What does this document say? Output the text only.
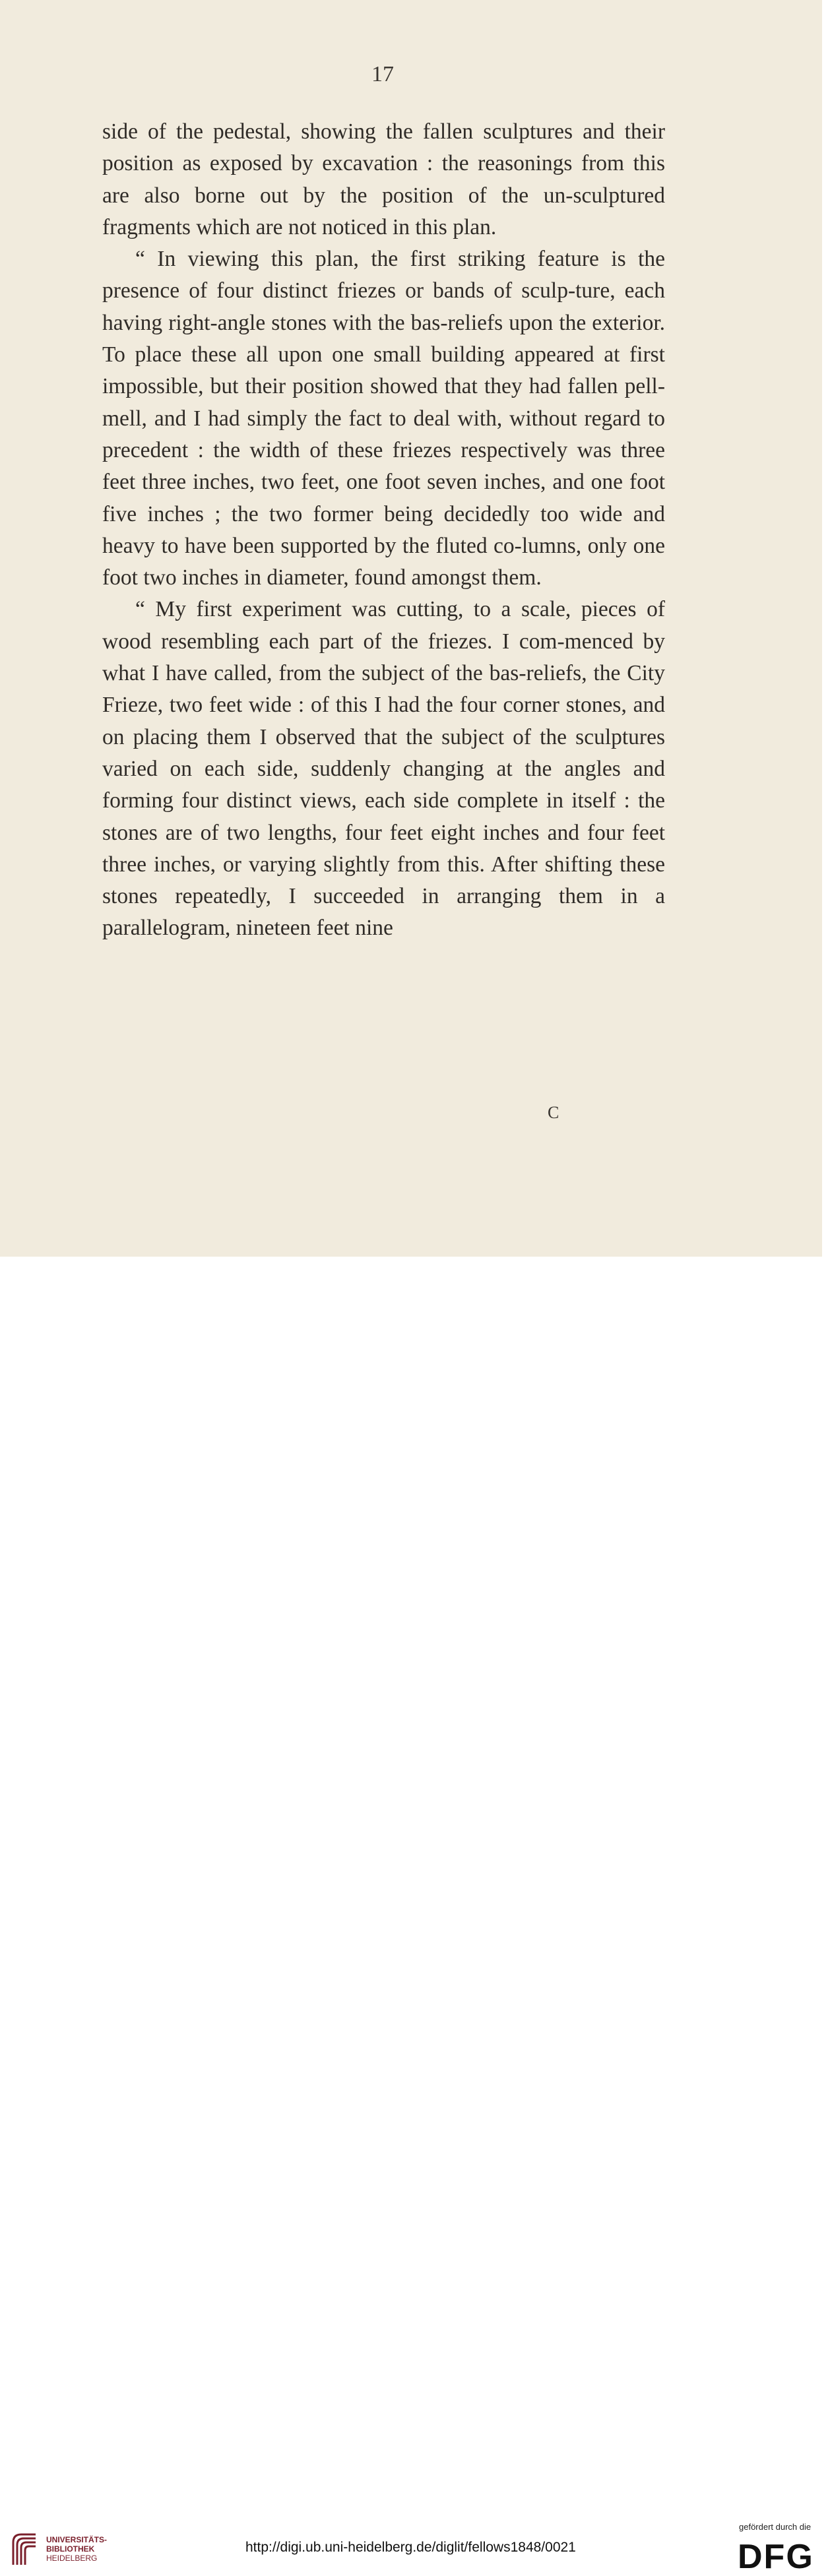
17

side of the pedestal, showing the fallen sculptures and their position as exposed by excavation : the reasonings from this are also borne out by the position of the un-sculptured fragments which are not noticed in this plan.

“ In viewing this plan, the first striking feature is the presence of four distinct friezes or bands of sculp-ture, each having right-angle stones with the bas-reliefs upon the exterior. To place these all upon one small building appeared at first impossible, but their position showed that they had fallen pell-mell, and I had simply the fact to deal with, without regard to precedent : the width of these friezes respectively was three feet three inches, two feet, one foot seven inches, and one foot five inches ; the two former being decidedly too wide and heavy to have been supported by the fluted co-lumns, only one foot two inches in diameter, found amongst them.

“ My first experiment was cutting, to a scale, pieces of wood resembling each part of the friezes. I com-menced by what I have called, from the subject of the bas-reliefs, the City Frieze, two feet wide : of this I had the four corner stones, and on placing them I observed that the subject of the sculptures varied on each side, suddenly changing at the angles and forming four distinct views, each side complete in itself : the stones are of two lengths, four feet eight inches and four feet three inches, or varying slightly from this. After shifting these stones repeatedly, I succeeded in arranging them in a parallelogram, nineteen feet nine

C
UNIVERSITÄTS-
BIBLIOTHEK
HEIDELBERG
http://digi.ub.uni-heidelberg.de/diglit/fellows1848/0021
gefördert durch die
DFG
